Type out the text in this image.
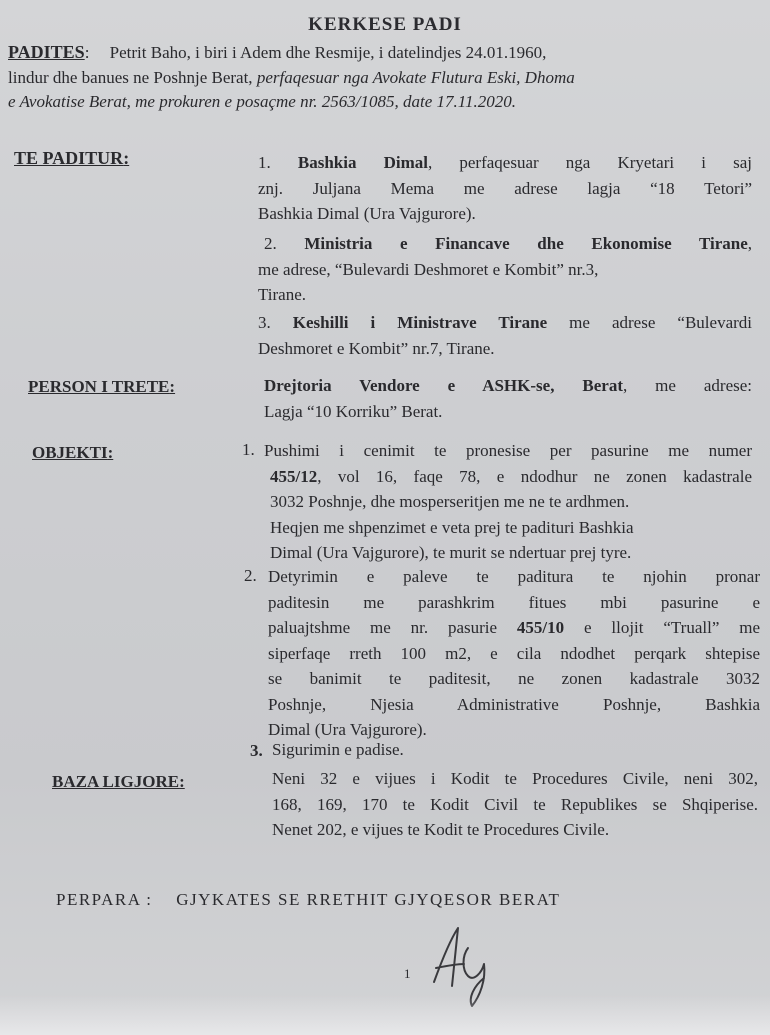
KERKESE PADI
PADITES: Petrit Baho, i biri i Adem dhe Resmije, i datelindjes 24.01.1960,
lindur dhe banues ne Poshnje Berat, perfaqesuar nga Avokate Flutura Eski, Dhoma
e Avokatise Berat, me prokuren e posaçme nr. 2563/1085, date 17.11.2020.
TE PADITUR:	1. Bashkia Dimal, perfaqesuar nga Kryetari i saj
znj. Juljana Mema me adrese lagja “18 Tetori”
Bashkia Dimal (Ura Vajgurore).
2. Ministria e Financave dhe Ekonomise Tirane,
me adrese, “Bulevardi Deshmoret e Kombit” nr.3,
Tirane.
3. Keshilli i Ministrave Tirane me adrese “Bulevardi
Deshmoret e Kombit” nr.7, Tirane.
PERSON I TRETE:	Drejtoria Vendore e ASHK-se, Berat, me adrese:
Lagja “10 Korriku” Berat.
OBJEKTI:	1. Pushimi i cenimit te pronesise per pasurine me numer
455/12, vol 16, faqe 78, e ndodhur ne zonen kadastrale
3032 Poshnje, dhe mosperseritjen me ne te ardhmen.
Heqjen me shpenzimet e veta prej te padituri Bashkia
Dimal (Ura Vajgurore), te murit se ndertuar prej tyre.
2. Detyrimin e paleve te paditura te njohin pronar
paditesin me parashkrim fitues mbi pasurine e
paluajtshme me nr. pasurie 455/10 e llojit “Truall” me
siperfaqe rreth 100 m2, e cila ndodhet perqark shtepise
se banimit te paditesit, ne zonen kadastrale 3032
Poshnje, Njesia Administrative Poshnje, Bashkia
Dimal (Ura Vajgurore).
3. Sigurimin e padise.
BAZA LIGJORE:	Neni 32 e vijues i Kodit te Procedures Civile, neni 302,
168, 169, 170 te Kodit Civil te Republikes se Shqiperise.
Nenet 202, e vijues te Kodit te Procedures Civile.
PERPARA : GJYKATES SE RRETHIT GJYQESOR BERAT
1
